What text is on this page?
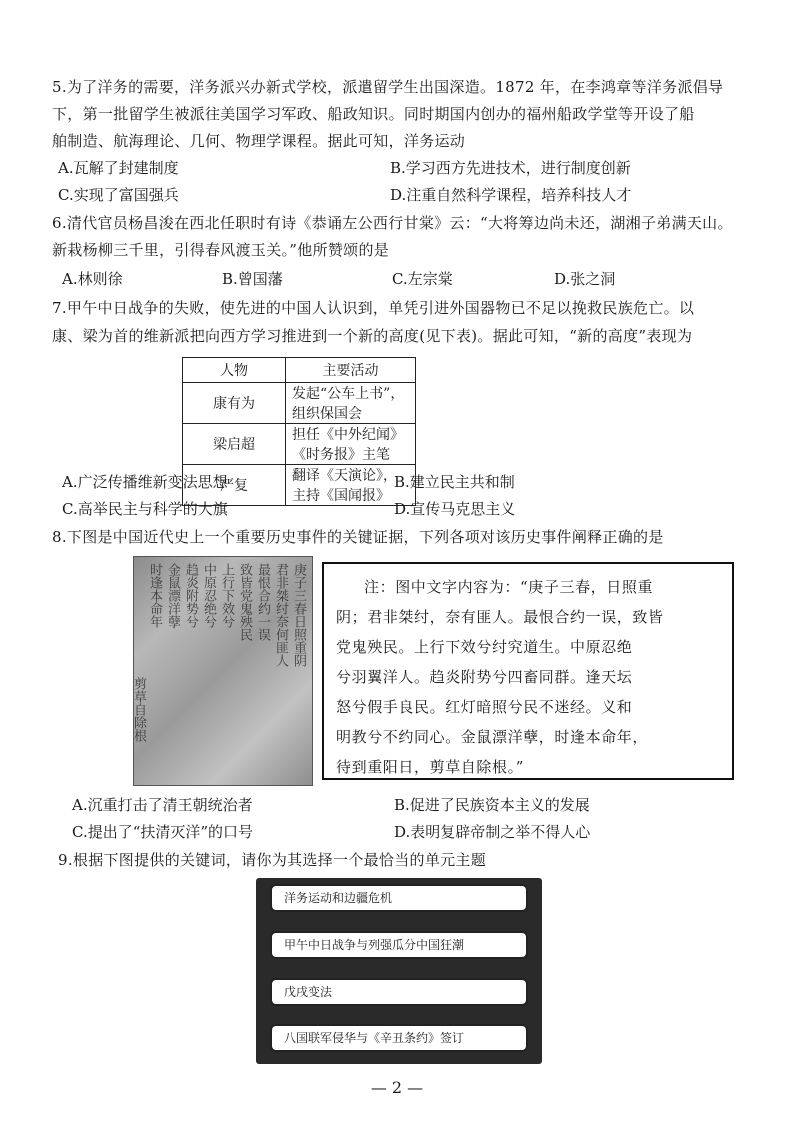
5.为了洋务的需要，洋务派兴办新式学校，派遣留学生出国深造。1872 年，在李鸿章等洋务派倡导
下，第一批留学生被派往美国学习军政、船政知识。同时期国内创办的福州船政学堂等开设了船
舶制造、航海理论、几何、物理学课程。据此可知，洋务运动
A.瓦解了封建制度	B.学习西方先进技术，进行制度创新
C.实现了富国强兵	D.注重自然科学课程，培养科技人才
6.清代官员杨昌浚在西北任职时有诗《恭诵左公西行甘棠》云：“大将筹边尚未还，湖湘子弟满天山。
新栽杨柳三千里，引得春风渡玉关。”他所赞颂的是
A.林则徐	B.曾国藩	C.左宗棠	D.张之洞
7.甲午中日战争的失败，使先进的中国人认识到，单凭引进外国器物已不足以挽救民族危亡。以
康、梁为首的维新派把向西方学习推进到一个新的高度(见下表)。据此可知，“新的高度”表现为
人物	主要活动
康有为	发起“公车上书”，组织保国会
梁启超	担任《中外纪闻》《时务报》主笔
严复	翻译《天演论》，主持《国闻报》
A.广泛传播维新变法思想	B.建立民主共和制
C.高举民主与科学的大旗	D.宣传马克思主义
8.下图是中国近代史上一个重要历史事件的关键证据，下列各项对该历史事件阐释正确的是
庚子三春日照重阴
君非桀纣奈何匪人
最恨合约一误
致皆党鬼殃民
上行下效兮
中原忍绝兮
趋炎附势兮
金鼠漂洋孽
时逢本命年
剪草自除根
注：图中文字内容为：“庚子三春，日照重
阴；君非桀纣，奈有匪人。最恨合约一误，致皆
党鬼殃民。上行下效兮纣究道生。中原忍绝
兮羽翼洋人。趋炎附势兮四畜同群。逢天坛
怒兮假手良民。红灯暗照兮民不迷经。义和
明教兮不约同心。金鼠漂洋孽，时逢本命年，
待到重阳日，剪草自除根。”
A.沉重打击了清王朝统治者	B.促进了民族资本主义的发展
C.提出了“扶清灭洋”的口号	D.表明复辟帝制之举不得人心
9.根据下图提供的关键词，请你为其选择一个最恰当的单元主题
洋务运动和边疆危机
甲午中日战争与列强瓜分中国狂潮
戊戌变法
八国联军侵华与《辛丑条约》签订
— 2 —
